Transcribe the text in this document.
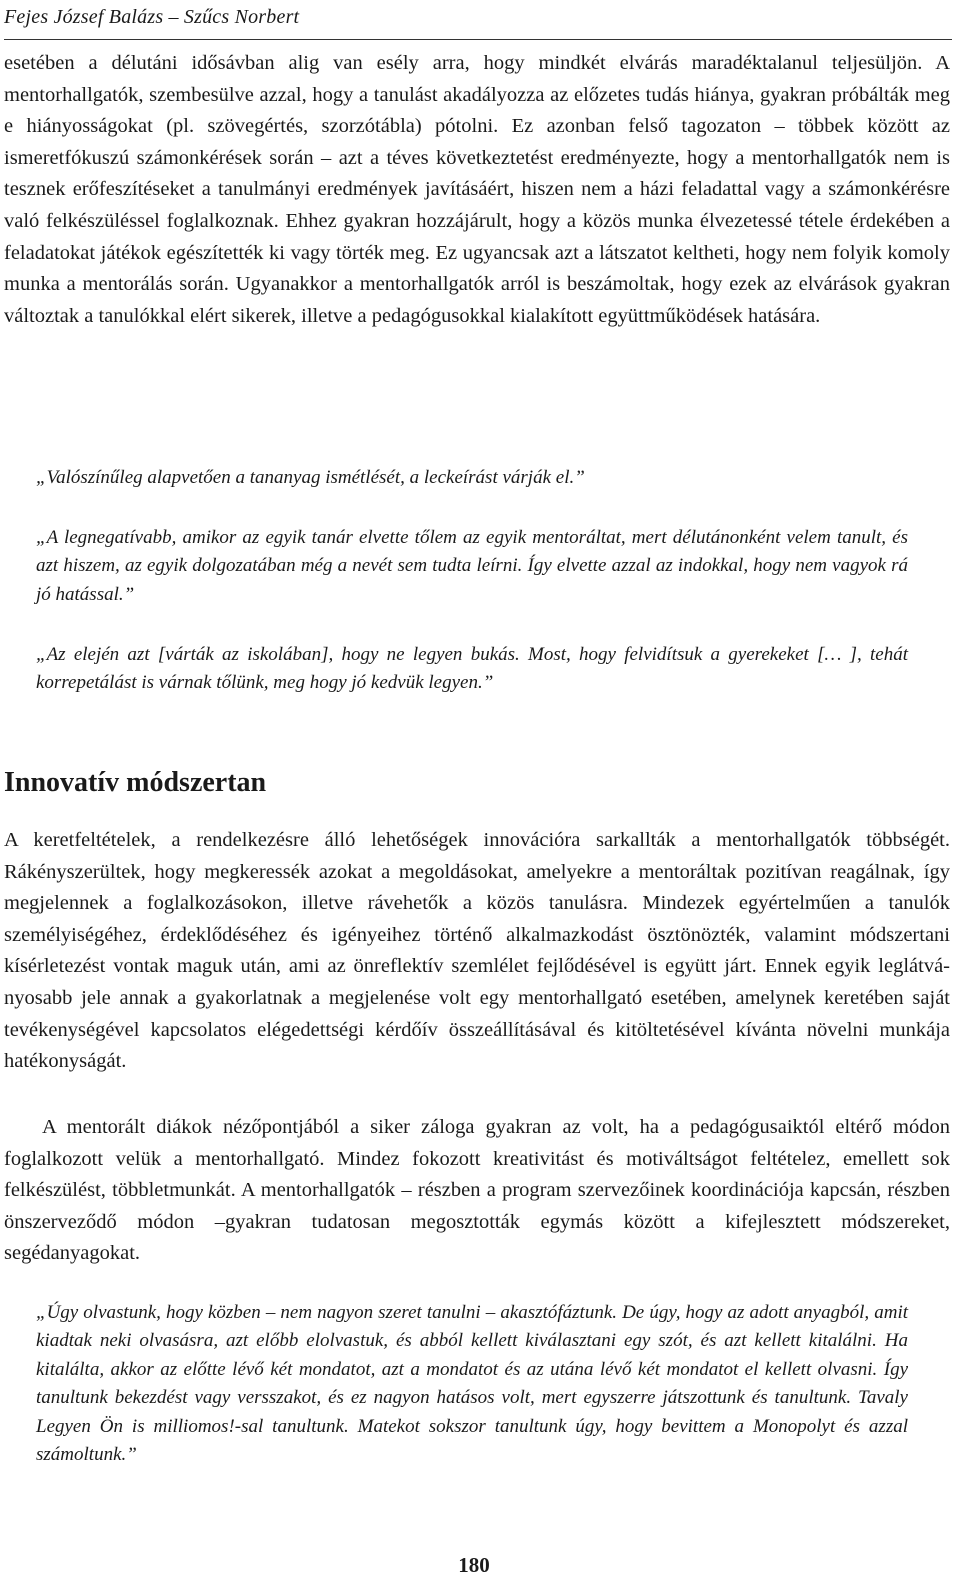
Fejes József Balázs – Szűcs Norbert

esetében a délutáni idősávban alig van esély arra, hogy mindkét elvárás maradéktalanul teljesüljön. A mentorhallgatók, szembesülve azzal, hogy a tanulást akadályozza az előzetes tudás hiánya, gyakran próbálták meg e hiányosságokat (pl. szövegértés, szorzótábla) pótolni. Ez azonban felső tagozaton – többek között az ismeretfókuszú számonkérések során – azt a téves következtetést eredményezte, hogy a mentorhallgatók nem is tesznek erőfeszítéseket a tanulmányi eredmények javításáért, hiszen nem a házi feladattal vagy a számonkérésre való felkészüléssel foglalkoznak. Ehhez gyakran hozzájárult, hogy a közös munka élvezetessé tétele érdekében a feladatokat játékok egészítették ki vagy törték meg. Ez ugyancsak azt a látszatot keltheti, hogy nem folyik komoly munka a mentorálás során. Ugyanakkor a mentorhallgatók arról is beszámoltak, hogy ezek az elvárások gyakran változtak a tanulókkal elért sikerek, illetve a pedagógusokkal kialakított együttműködések hatására.

„Valószínűleg alapvetően a tananyag ismétlését, a leckeírást várják el.”

„A legnegatívabb, amikor az egyik tanár elvette tőlem az egyik mentoráltat, mert délutánonként velem tanult, és azt hiszem, az egyik dolgozatában még a nevét sem tudta leírni. Így elvette azzal az indokkal, hogy nem vagyok rá jó hatással.”

„Az elején azt [várták az iskolában], hogy ne legyen bukás. Most, hogy felvidítsuk a gyerekeket [… ], tehát korrepetálást is várnak tőlünk, meg hogy jó kedvük legyen.”

Innovatív módszertan

A keretfeltételek, a rendelkezésre álló lehetőségek innovációra sarkallták a mentorhallgatók többségét. Rákényszerültek, hogy megkeressék azokat a megoldásokat, amelyekre a mentoráltak pozitívan reagálnak, így megjelennek a foglalkozásokon, illetve rávehetők a közös tanulásra. Mindezek egyértelműen a tanulók személyiségéhez, érdeklődéséhez és igényeihez történő alkalmazkodást ösztönözték, valamint módszertani kísérletezést vontak maguk után, ami az önreflektív szemlélet fejlődésével is együtt járt. Ennek egyik leglátványosabb jele annak a gyakorlatnak a megjelenése volt egy mentorhallgató esetében, amelynek keretében saját tevékenységével kapcsolatos elégedettségi kérdőív összeállításával és kitöltetésével kívánta növelni munkája hatékonyságát.

A mentorált diákok nézőpontjából a siker záloga gyakran az volt, ha a pedagógusaiktól eltérő módon foglalkozott velük a mentorhallgató. Mindez fokozott kreativitást és motiváltságot feltételez, emellett sok felkészülést, többletmunkát. A mentorhallgatók – részben a program szervezőinek koordinációja kapcsán, részben önszerveződő módon –gyakran tudatosan megosztották egymás között a kifejlesztett módszereket, segédanyagokat.

„Úgy olvastunk, hogy közben – nem nagyon szeret tanulni – akasztófáztunk. De úgy, hogy az adott anyagból, amit kiadtak neki olvasásra, azt előbb elolvastuk, és abból kellett kiválasztani egy szót, és azt kellett kitalálni. Ha kitalálta, akkor az előtte lévő két mondatot, azt a mondatot és az utána lévő két mondatot el kellett olvasni. Így tanultunk bekezdést vagy versszakot, és ez nagyon hatásos volt, mert egyszerre játszottunk és tanultunk. Tavaly Legyen Ön is milliomos!-sal tanultunk. Matekot sokszor tanultunk úgy, hogy bevittem a Monopolyt és azzal számoltunk.”

180
